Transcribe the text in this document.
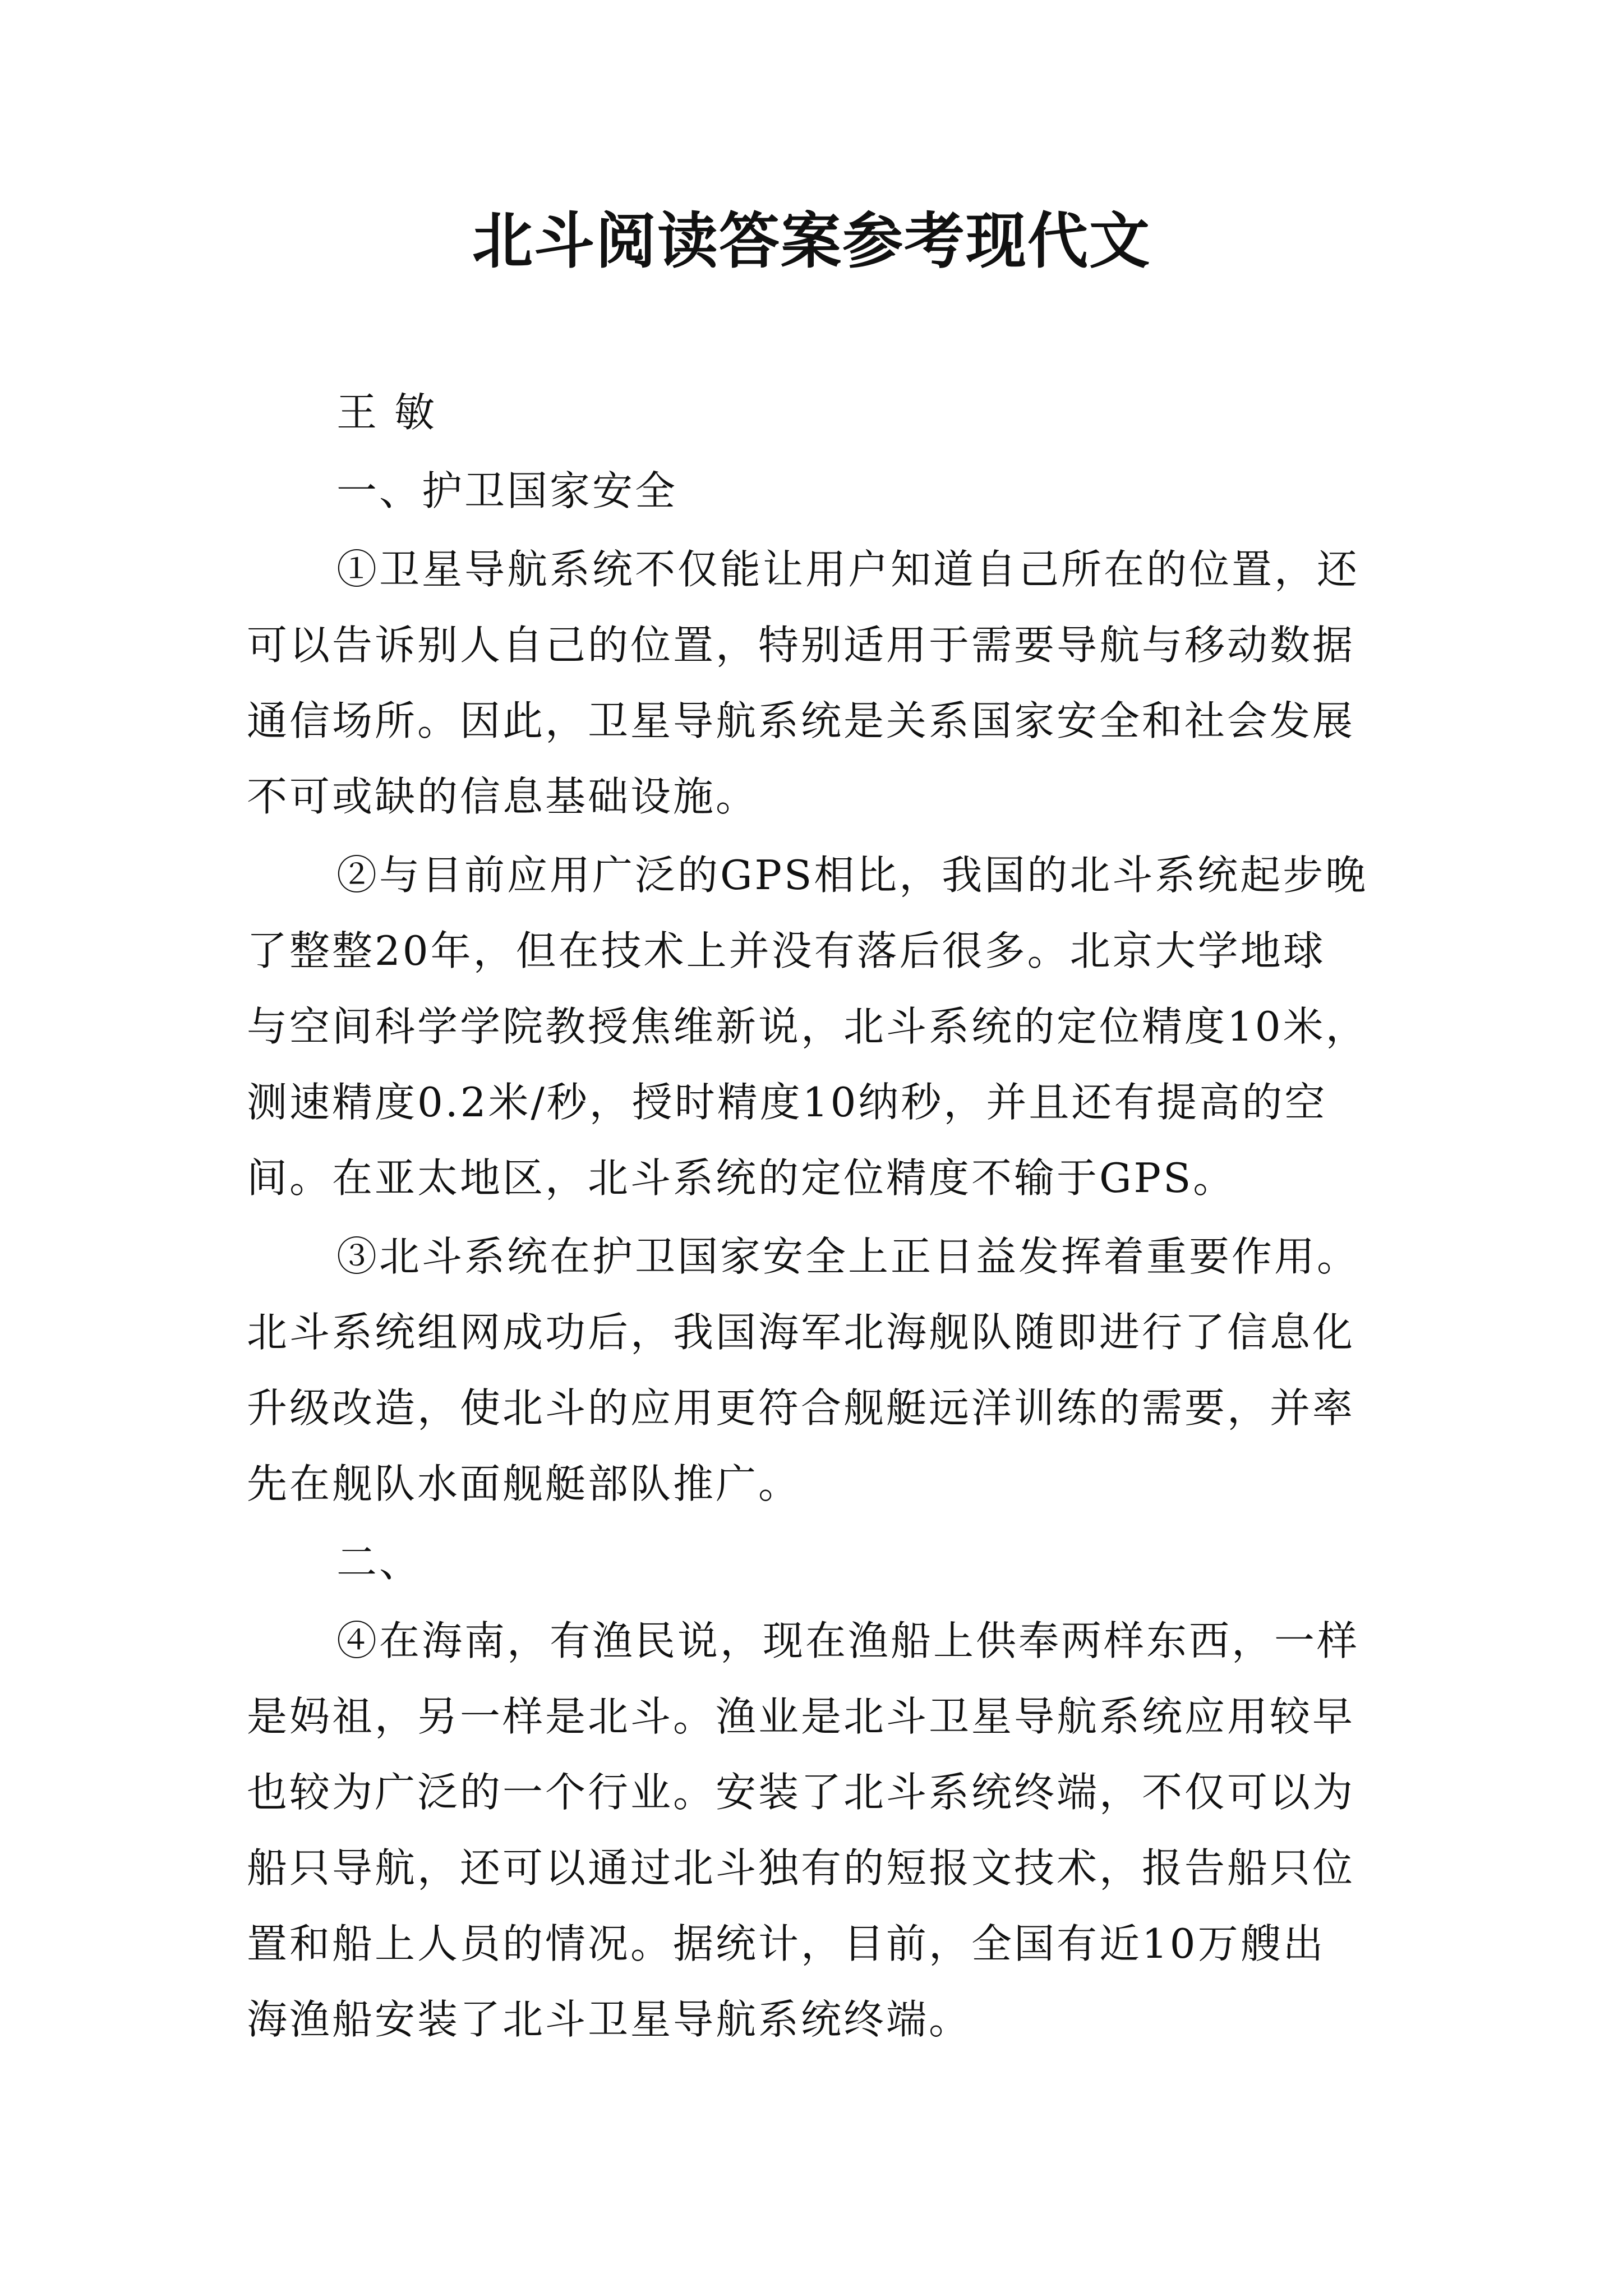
北斗阅读答案参考现代文
王 敏
一、护卫国家安全
①卫星导航系统不仅能让用户知道自己所在的位置，还
可以告诉别人自己的位置，特别适用于需要导航与移动数据
通信场所。因此，卫星导航系统是关系国家安全和社会发展
不可或缺的信息基础设施。
②与目前应用广泛的GPS相比，我国的北斗系统起步晚
了整整20年，但在技术上并没有落后很多。北京大学地球
与空间科学学院教授焦维新说，北斗系统的定位精度10米，
测速精度0.2米/秒，授时精度10纳秒，并且还有提高的空
间。在亚太地区，北斗系统的定位精度不输于GPS。
③北斗系统在护卫国家安全上正日益发挥着重要作用。
北斗系统组网成功后，我国海军北海舰队随即进行了信息化
升级改造，使北斗的应用更符合舰艇远洋训练的需要，并率
先在舰队水面舰艇部队推广。
二、
④在海南，有渔民说，现在渔船上供奉两样东西，一样
是妈祖，另一样是北斗。渔业是北斗卫星导航系统应用较早
也较为广泛的一个行业。安装了北斗系统终端，不仅可以为
船只导航，还可以通过北斗独有的短报文技术，报告船只位
置和船上人员的情况。据统计，目前，全国有近10万艘出
海渔船安装了北斗卫星导航系统终端。
